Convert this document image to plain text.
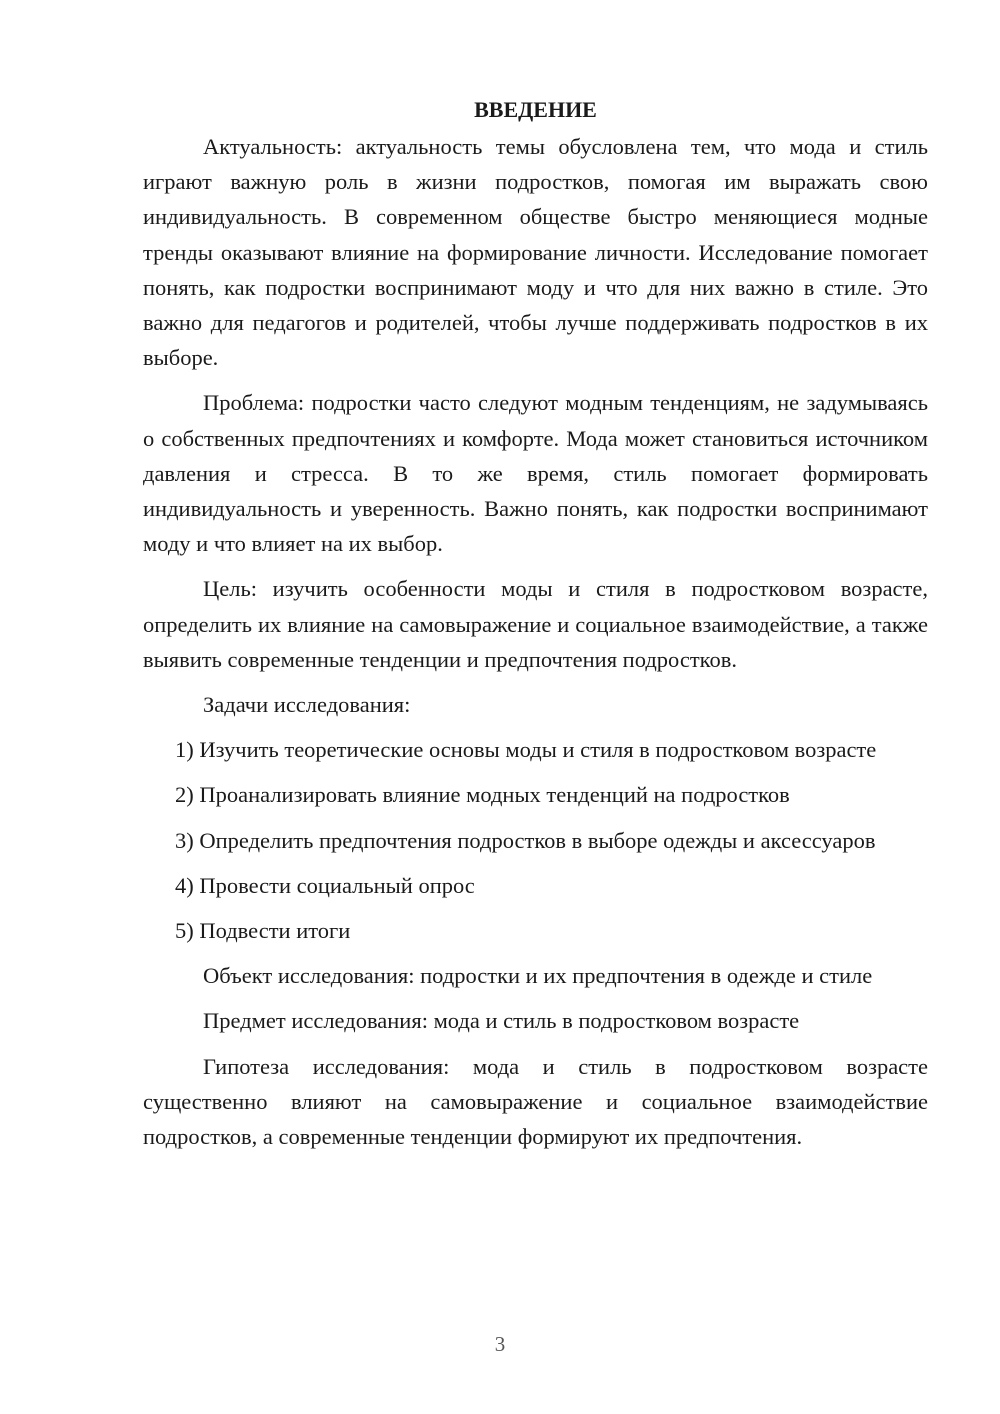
ВВЕДЕНИЕ

Актуальность: актуальность темы обусловлена тем, что мода и стиль играют важную роль в жизни подростков, помогая им выражать свою индивидуальность. В современном обществе быстро меняющиеся модные тренды оказывают влияние на формирование личности. Исследование помогает понять, как подростки воспринимают моду и что для них важно в стиле. Это важно для педагогов и родителей, чтобы лучше поддерживать подростков в их выборе.

Проблема: подростки часто следуют модным тенденциям, не задумываясь о собственных предпочтениях и комфорте. Мода может становиться источником давления и стресса. В то же время, стиль помогает формировать индивидуальность и уверенность. Важно понять, как подростки воспринимают моду и что влияет на их выбор.

Цель: изучить особенности моды и стиля в подростковом возрасте, определить их влияние на самовыражение и социальное взаимодействие, а также выявить современные тенденции и предпочтения подростков.

Задачи исследования:

1) Изучить теоретические основы моды и стиля в подростковом возрасте

2) Проанализировать влияние модных тенденций на подростков

3) Определить предпочтения подростков в выборе одежды и аксессуаров

4) Провести социальный опрос

5) Подвести итоги

Объект исследования: подростки и их предпочтения в одежде и стиле

Предмет исследования: мода и стиль в подростковом возрасте

Гипотеза исследования: мода и стиль в подростковом возрасте существенно влияют на самовыражение и социальное взаимодействие подростков, а современные тенденции формируют их предпочтения.

3
